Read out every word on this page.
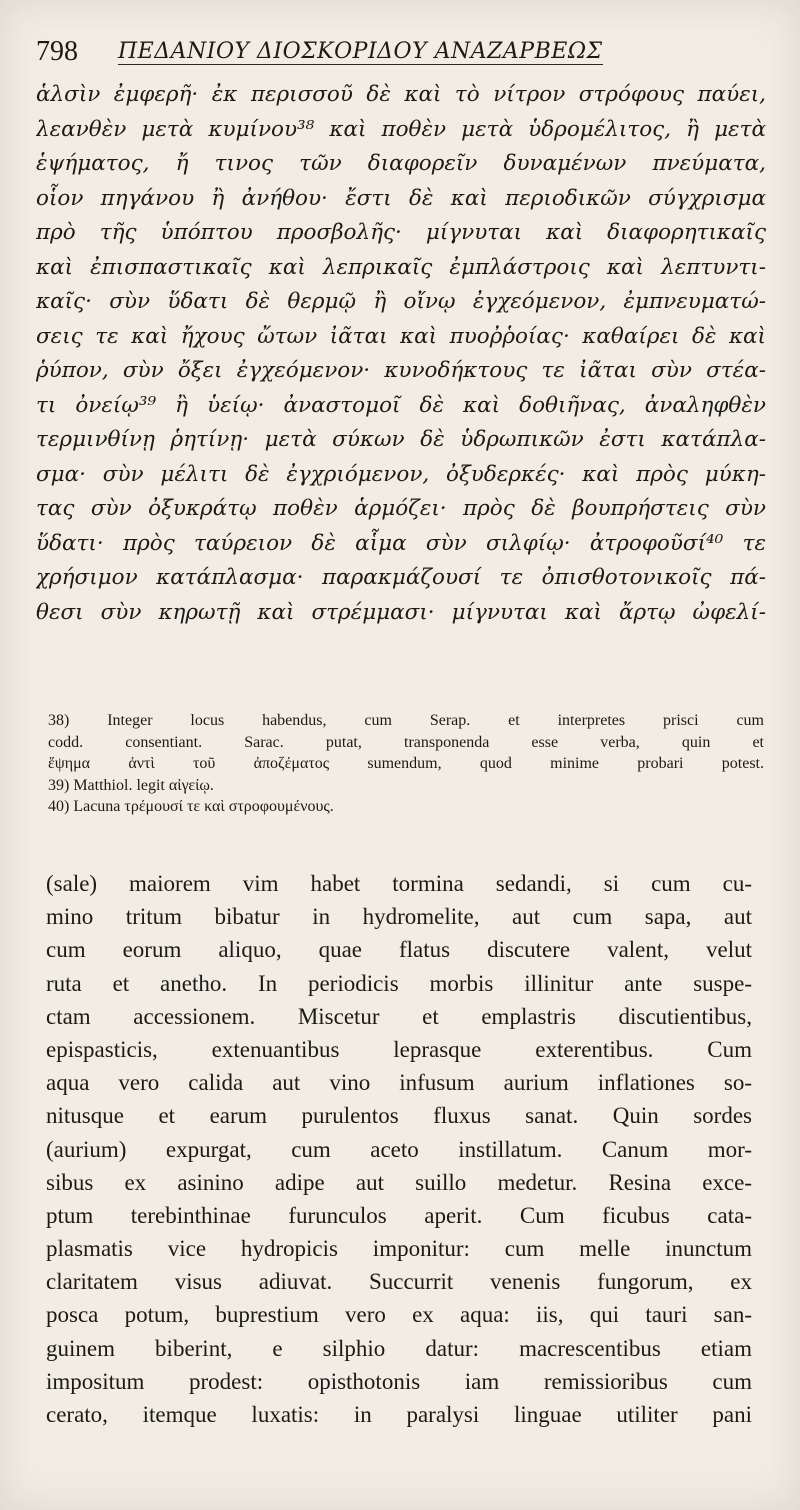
798 ΠΕΔΑΝΙΟΥ ΔΙΟΣΚΟΡΙΔΟΥ ΑΝΑΖΑΡΒΕΩΣ
ἁλσὶν ἐμφερῆ· ἐκ περισσοῦ δὲ καὶ τὸ νίτρον στρόφους παύει,
λεανθὲν μετὰ κυμίνου³⁸ καὶ ποθὲν μετὰ ὑδρομέλιτος, ἢ μετὰ
ἑψήματος, ἤ τινος τῶν διαφορεῖν δυναμένων πνεύματα,
οἷον πηγάνου ἢ ἀνήθου· ἔστι δὲ καὶ περιοδικῶν σύγχρισμα
πρὸ τῆς ὑπόπτου προσβολῆς· μίγνυται καὶ διαφορητικαῖς
καὶ ἐπισπαστικαῖς καὶ λεπρικαῖς ἐμπλάστροις καὶ λεπτυντι-
καῖς· σὺν ὕδατι δὲ θερμῷ ἢ οἴνῳ ἐγχεόμενον, ἐμπνευματώ-
σεις τε καὶ ἤχους ὤτων ἰᾶται καὶ πυοῤῥοίας· καθαίρει δὲ καὶ
ῥύπον, σὺν ὄξει ἐγχεόμενον· κυνοδήκτους τε ἰᾶται σὺν στέα-
τι ὀνείῳ³⁹ ἢ ὑείῳ· ἀναστομοῖ δὲ καὶ δοθιῆνας, ἀναληφθὲν
τερμινθίνῃ ῥητίνῃ· μετὰ σύκων δὲ ὑδρωπικῶν ἐστι κατάπλα-
σμα· σὺν μέλιτι δὲ ἐγχριόμενον, ὀξυδερκές· καὶ πρὸς μύκη-
τας σὺν ὀξυκράτῳ ποθὲν ἁρμόζει· πρὸς δὲ βουπρήστεις σὺν
ὕδατι· πρὸς ταύρειον δὲ αἷμα σὺν σιλφίῳ· ἀτροφοῦσί⁴⁰ τε
χρήσιμον κατάπλασμα· παρακμάζουσί τε ὀπισθοτονικοῖς πά-
θεσι σὺν κηρωτῇ καὶ στρέμμασι· μίγνυται καὶ ἄρτῳ ὠφελί-
38) Integer locus habendus, cum Serap. et interpretes prisci cum
codd. consentiant. Sarac. putat, transponenda esse verba, quin et
ἕψημα ἀντὶ τοῦ ἀποζέματος sumendum, quod minime probari potest.
39) Matthiol. legit αἰγείῳ.
40) Lacuna τρέμουσί τε καὶ στροφουμένους.
(sale) maiorem vim habet tormina sedandi, si cum cu-
mino tritum bibatur in hydromelite, aut cum sapa, aut
cum eorum aliquo, quae flatus discutere valent, velut
ruta et anetho. In periodicis morbis illinitur ante suspe-
ctam accessionem. Miscetur et emplastris discutientibus,
epispasticis, extenuantibus leprasque exterentibus. Cum
aqua vero calida aut vino infusum aurium inflationes so-
nitusque et earum purulentos fluxus sanat. Quin sordes
(aurium) expurgat, cum aceto instillatum. Canum mor-
sibus ex asinino adipe aut suillo medetur. Resina exce-
ptum terebinthinae furunculos aperit. Cum ficubus cata-
plasmatis vice hydropicis imponitur: cum melle inunctum
claritatem visus adiuvat. Succurrit venenis fungorum, ex
posca potum, buprestium vero ex aqua: iis, qui tauri san-
guinem biberint, e silphio datur: macrescentibus etiam
impositum prodest: opisthotonis iam remissioribus cum
cerato, itemque luxatis: in paralysi linguae utiliter pani
